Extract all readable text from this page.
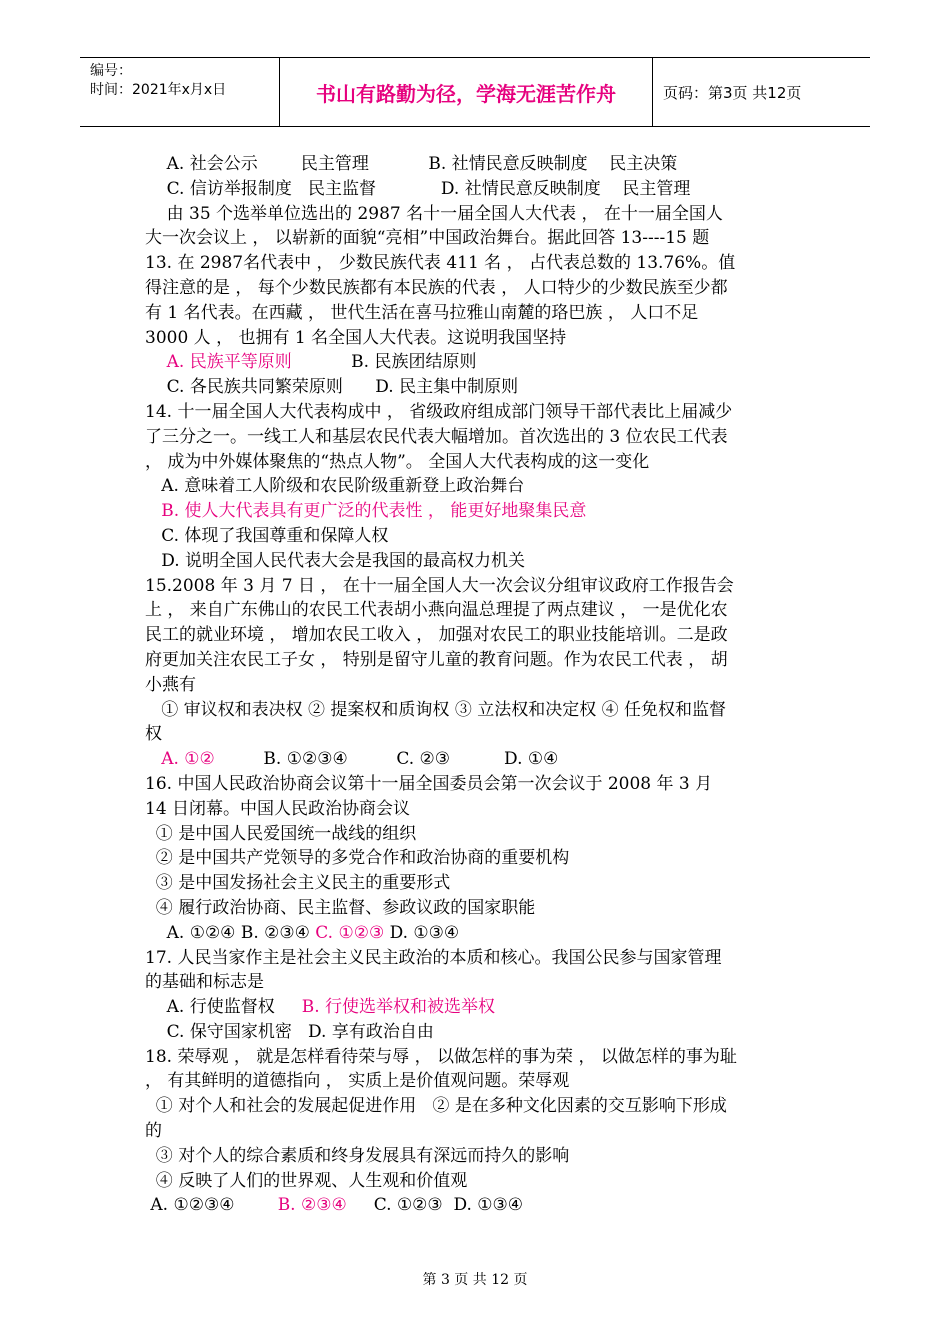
编号：
时间：2021年x月x日	书山有路勤为径，学海无涯苦作舟	页码：第3页 共12页
A. 社会公示        民主管理           B. 社情民意反映制度    民主决策
C. 信访举报制度   民主监督            D. 社情民意反映制度    民主管理
由 35 个选举单位选出的 2987 名十一届全国人大代表 ， 在十一届全国人
大一次会议上 ， 以崭新的面貌“亮相”中国政治舞台。据此回答 13----15 题
13. 在 2987名代表中 ， 少数民族代表 411 名 ， 占代表总数的 13.76%。值
得注意的是 ， 每个少数民族都有本民族的代表 ， 人口特少的少数民族至少都
有 1 名代表。在西藏 ， 世代生活在喜马拉雅山南麓的珞巴族 ， 人口不足
3000 人 ， 也拥有 1 名全国人大代表。这说明我国坚持
A. 民族平等原则           B. 民族团结原则
C. 各民族共同繁荣原则      D. 民主集中制原则
14. 十一届全国人大代表构成中 ， 省级政府组成部门领导干部代表比上届减少
了三分之一。一线工人和基层农民代表大幅增加。首次选出的 3 位农民工代表
， 成为中外媒体聚焦的“热点人物”。 全国人大代表构成的这一变化
A. 意味着工人阶级和农民阶级重新登上政治舞台
B. 使人大代表具有更广泛的代表性 ， 能更好地聚集民意
C. 体现了我国尊重和保障人权
D. 说明全国人民代表大会是我国的最高权力机关
15.2008 年 3 月 7 日 ， 在十一届全国人大一次会议分组审议政府工作报告会
上 ， 来自广东佛山的农民工代表胡小燕向温总理提了两点建议 ， 一是优化农
民工的就业环境 ， 增加农民工收入 ， 加强对农民工的职业技能培训。二是政
府更加关注农民工子女 ， 特别是留守儿童的教育问题。作为农民工代表 ， 胡
小燕有
① 审议权和表决权 ② 提案权和质询权 ③ 立法权和决定权 ④ 任免权和监督
权
A. ①②         B. ①②③④         C. ②③          D. ①④
16. 中国人民政治协商会议第十一届全国委员会第一次会议于 2008 年 3 月
14 日闭幕。中国人民政治协商会议
① 是中国人民爱国统一战线的组织
② 是中国共产党领导的多党合作和政治协商的重要机构
③ 是中国发扬社会主义民主的重要形式
④ 履行政治协商、民主监督、参政议政的国家职能
A. ①②④ B. ②③④ C. ①②③ D. ①③④
17. 人民当家作主是社会主义民主政治的本质和核心。我国公民参与国家管理
的基础和标志是
A. 行使监督权     B. 行使选举权和被选举权
C. 保守国家机密   D. 享有政治自由
18. 荣辱观 ， 就是怎样看待荣与辱 ， 以做怎样的事为荣 ， 以做怎样的事为耻
， 有其鲜明的道德指向 ， 实质上是价值观问题。荣辱观
① 对个人和社会的发展起促进作用   ② 是在多种文化因素的交互影响下形成
的
③ 对个人的综合素质和终身发展具有深远而持久的影响
④ 反映了人们的世界观、人生观和价值观
A. ①②③④        B. ②③④     C. ①②③  D. ①③④
第 3 页 共 12 页
